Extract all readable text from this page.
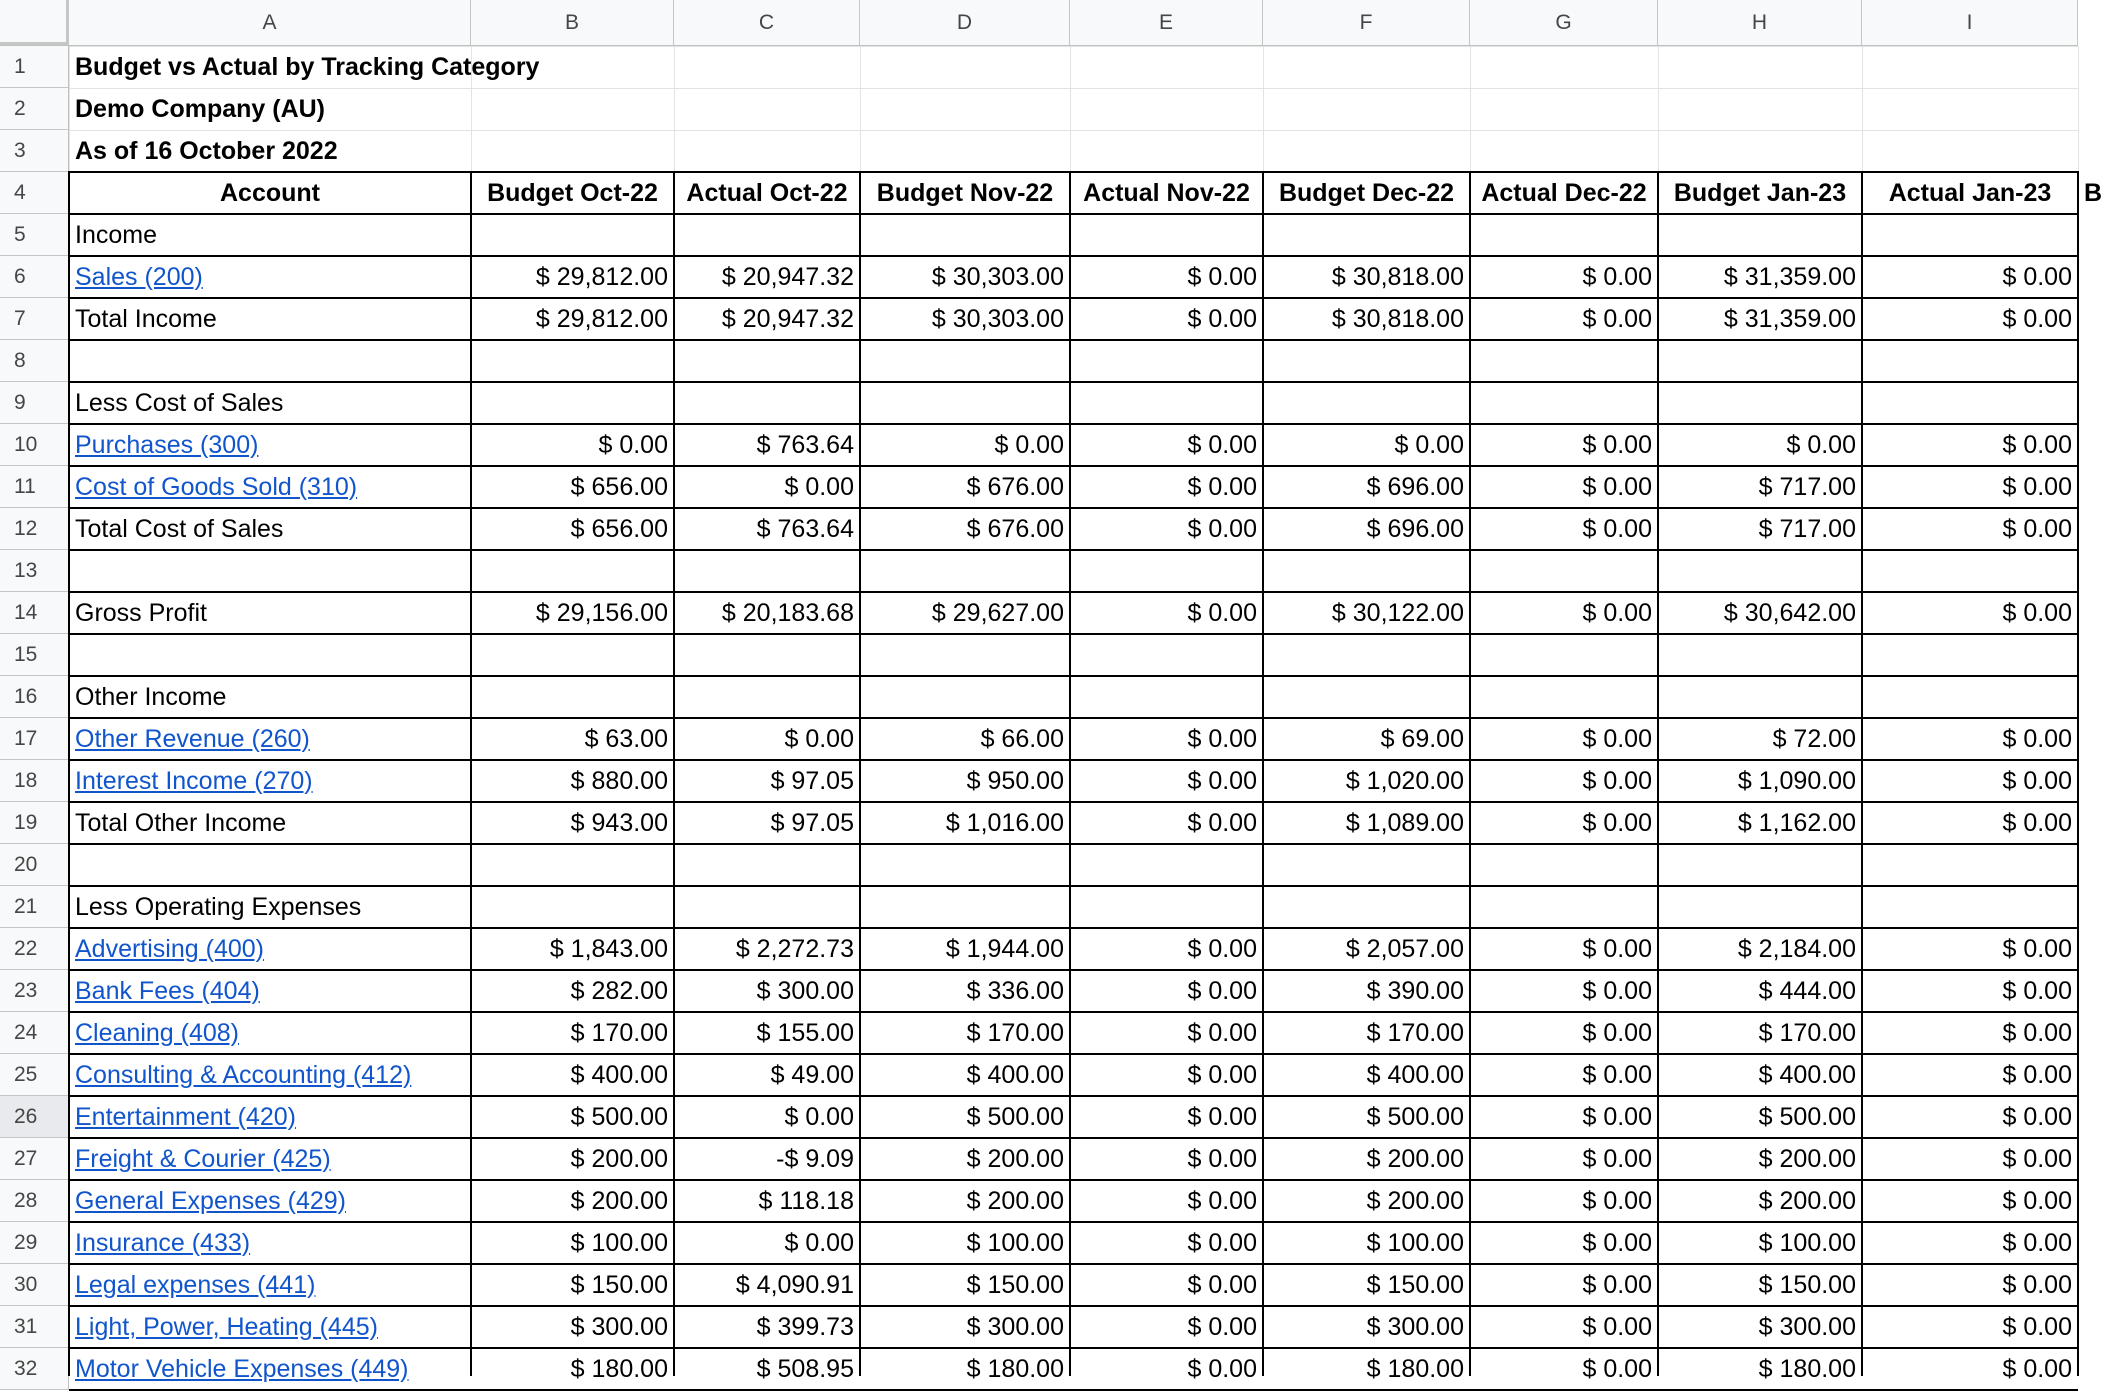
A	B	C	D	E	F	G	H	I
1	Budget vs Actual by Tracking Category
2	Demo Company (AU)
3	As of 16 October 2022
4	Account	Budget Oct-22	Actual Oct-22	Budget Nov-22	Actual Nov-22	Budget Dec-22	Actual Dec-22	Budget Jan-23	Actual Jan-23	B
5	Income
6	Sales (200)	$ 29,812.00	$ 20,947.32	$ 30,303.00	$ 0.00	$ 30,818.00	$ 0.00	$ 31,359.00	$ 0.00
7	Total Income	$ 29,812.00	$ 20,947.32	$ 30,303.00	$ 0.00	$ 30,818.00	$ 0.00	$ 31,359.00	$ 0.00
8
9	Less Cost of Sales
10	Purchases (300)	$ 0.00	$ 763.64	$ 0.00	$ 0.00	$ 0.00	$ 0.00	$ 0.00	$ 0.00
11	Cost of Goods Sold (310)	$ 656.00	$ 0.00	$ 676.00	$ 0.00	$ 696.00	$ 0.00	$ 717.00	$ 0.00
12	Total Cost of Sales	$ 656.00	$ 763.64	$ 676.00	$ 0.00	$ 696.00	$ 0.00	$ 717.00	$ 0.00
13
14	Gross Profit	$ 29,156.00	$ 20,183.68	$ 29,627.00	$ 0.00	$ 30,122.00	$ 0.00	$ 30,642.00	$ 0.00
15
16	Other Income
17	Other Revenue (260)	$ 63.00	$ 0.00	$ 66.00	$ 0.00	$ 69.00	$ 0.00	$ 72.00	$ 0.00
18	Interest Income (270)	$ 880.00	$ 97.05	$ 950.00	$ 0.00	$ 1,020.00	$ 0.00	$ 1,090.00	$ 0.00
19	Total Other Income	$ 943.00	$ 97.05	$ 1,016.00	$ 0.00	$ 1,089.00	$ 0.00	$ 1,162.00	$ 0.00
20
21	Less Operating Expenses
22	Advertising (400)	$ 1,843.00	$ 2,272.73	$ 1,944.00	$ 0.00	$ 2,057.00	$ 0.00	$ 2,184.00	$ 0.00
23	Bank Fees (404)	$ 282.00	$ 300.00	$ 336.00	$ 0.00	$ 390.00	$ 0.00	$ 444.00	$ 0.00
24	Cleaning (408)	$ 170.00	$ 155.00	$ 170.00	$ 0.00	$ 170.00	$ 0.00	$ 170.00	$ 0.00
25	Consulting & Accounting (412)	$ 400.00	$ 49.00	$ 400.00	$ 0.00	$ 400.00	$ 0.00	$ 400.00	$ 0.00
26	Entertainment (420)	$ 500.00	$ 0.00	$ 500.00	$ 0.00	$ 500.00	$ 0.00	$ 500.00	$ 0.00
27	Freight & Courier (425)	$ 200.00	-$ 9.09	$ 200.00	$ 0.00	$ 200.00	$ 0.00	$ 200.00	$ 0.00
28	General Expenses (429)	$ 200.00	$ 118.18	$ 200.00	$ 0.00	$ 200.00	$ 0.00	$ 200.00	$ 0.00
29	Insurance (433)	$ 100.00	$ 0.00	$ 100.00	$ 0.00	$ 100.00	$ 0.00	$ 100.00	$ 0.00
30	Legal expenses (441)	$ 150.00	$ 4,090.91	$ 150.00	$ 0.00	$ 150.00	$ 0.00	$ 150.00	$ 0.00
31	Light, Power, Heating (445)	$ 300.00	$ 399.73	$ 300.00	$ 0.00	$ 300.00	$ 0.00	$ 300.00	$ 0.00
32	Motor Vehicle Expenses (449)	$ 180.00	$ 508.95	$ 180.00	$ 0.00	$ 180.00	$ 0.00	$ 180.00	$ 0.00
